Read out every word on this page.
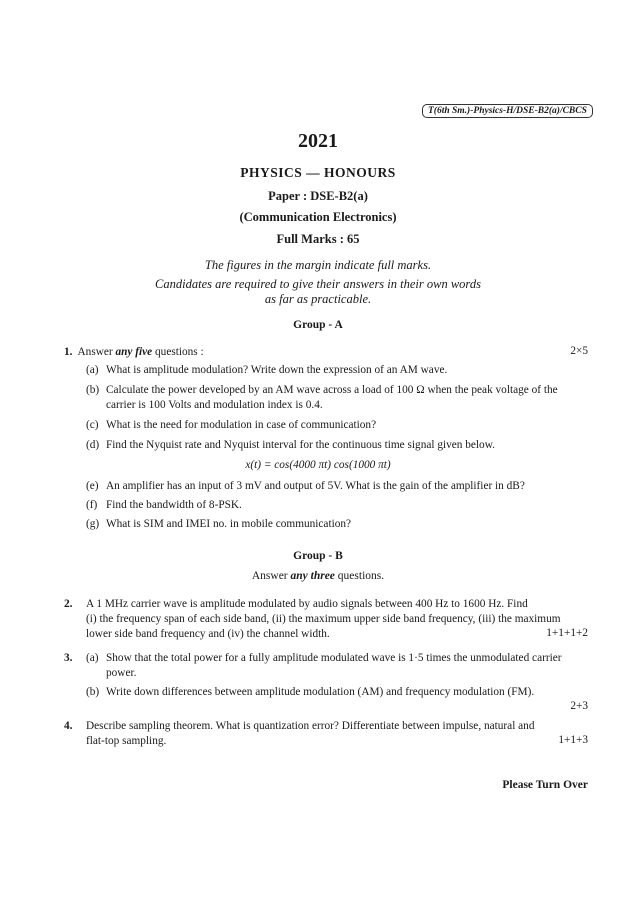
T(6th Sm.)-Physics-H/DSE-B2(a)/CBCS
2021
PHYSICS — HONOURS
Paper : DSE-B2(a)
(Communication Electronics)
Full Marks : 65
The figures in the margin indicate full marks.
Candidates are required to give their answers in their own words
as far as practicable.
Group - A
1. Answer any five questions :	2×5
(a) What is amplitude modulation? Write down the expression of an AM wave.
(b) Calculate the power developed by an AM wave across a load of 100 Ω when the peak voltage of the carrier is 100 Volts and modulation index is 0.4.
(c) What is the need for modulation in case of communication?
(d) Find the Nyquist rate and Nyquist interval for the continuous time signal given below.
x(t) = cos(4000 πt) cos(1000 πt)
(e) An amplifier has an input of 3 mV and output of 5V. What is the gain of the amplifier in dB?
(f) Find the bandwidth of 8-PSK.
(g) What is SIM and IMEI no. in mobile communication?
Group - B
Answer any three questions.
2. A 1 MHz carrier wave is amplitude modulated by audio signals between 400 Hz to 1600 Hz. Find
(i) the frequency span of each side band, (ii) the maximum upper side band frequency, (iii) the maximum
lower side band frequency and (iv) the channel width.	1+1+1+2
3. (a) Show that the total power for a fully amplitude modulated wave is 1·5 times the unmodulated carrier power.
(b) Write down differences between amplitude modulation (AM) and frequency modulation (FM).
2+3
4. Describe sampling theorem. What is quantization error? Differentiate between impulse, natural and
flat-top sampling.	1+1+3
Please Turn Over
